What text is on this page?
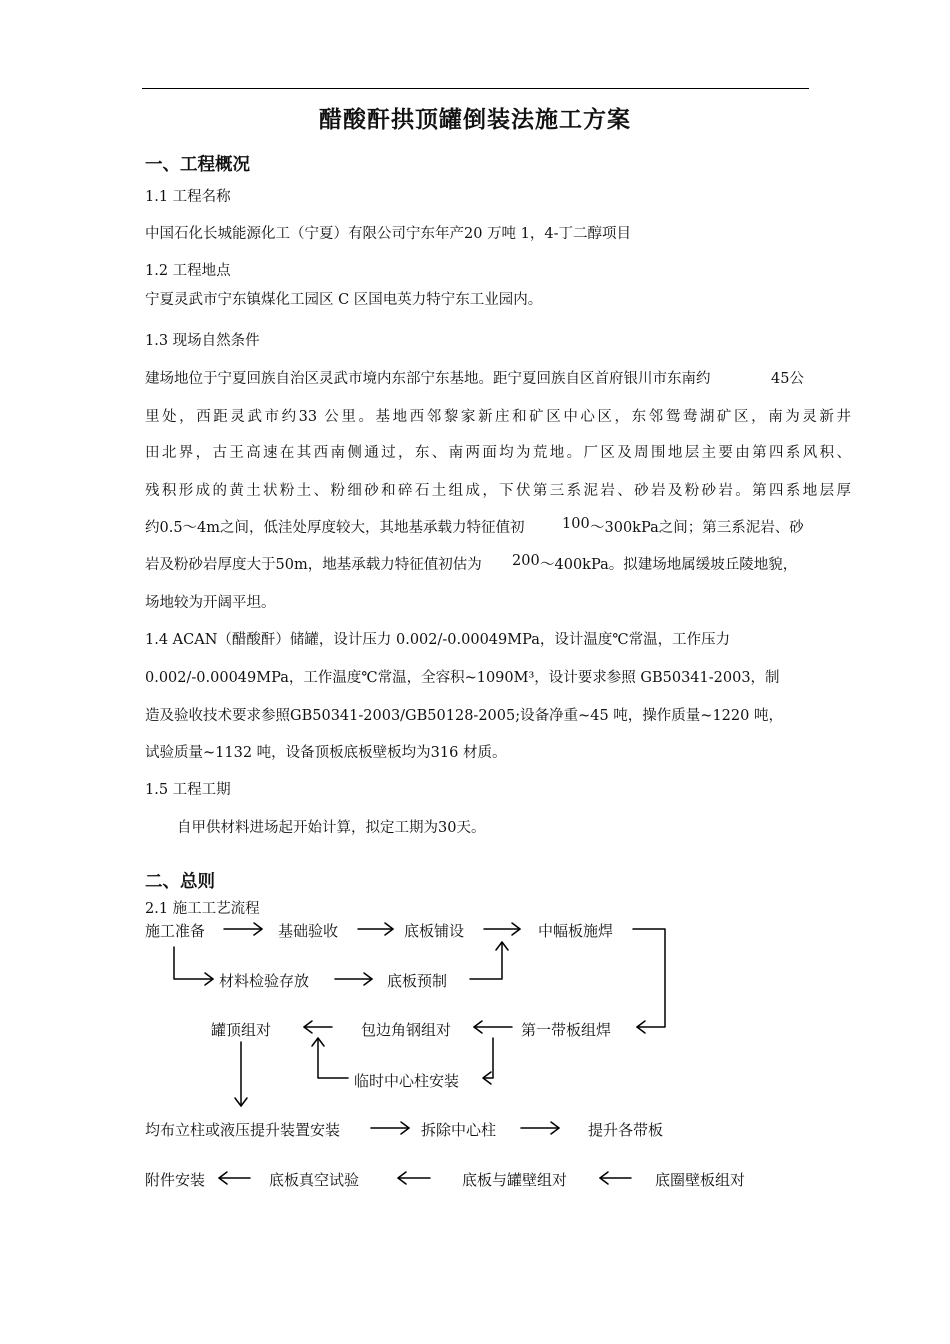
醋酸酐拱顶罐倒装法施工方案
一、工程概况
1.1 工程名称
中国石化长城能源化工（宁夏）有限公司宁东年产20 万吨 1，4-丁二醇项目
1.2 工程地点
宁夏灵武市宁东镇煤化工园区 C 区国电英力特宁东工业园内。
1.3 现场自然条件
建场地位于宁夏回族自治区灵武市境内东部宁东基地。距宁夏回族自区首府银川市东南约	45公
里处，西距灵武市约33 公里。基地西邻黎家新庄和矿区中心区，东邻鸳鸯湖矿区，南为灵新井
田北界，古王高速在其西南侧通过，东、南两面均为荒地。厂区及周围地层主要由第四系风积、
残积形成的黄土状粉土、粉细砂和碎石土组成，下伏第三系泥岩、砂岩及粉砂岩。第四系地层厚
约0.5～4m之间，低洼处厚度较大，其地基承载力特征值初	100 ～300kPa之间；第三系泥岩、砂
岩及粉砂岩厚度大于50m，地基承载力特征值初估为 200 ～400kPa。拟建场地属缓坡丘陵地貌，
场地较为开阔平坦。
1.4 ACAN（醋酸酐）储罐，设计压力 0.002/-0.00049MPa，设计温度℃常温，工作压力
0.002/-0.00049MPa，工作温度℃常温，全容积~1090M³，设计要求参照 GB50341-2003，制
造及验收技术要求参照GB50341-2003/GB50128-2005;设备净重~45 吨，操作质量~1220 吨，
试验质量~1132 吨，设备顶板底板壁板均为316 材质。
1.5 工程工期
自甲供材料进场起开始计算，拟定工期为30天。
二、总则
2.1 施工工艺流程
施工准备	基础验收	底板铺设	中幅板施焊
材料检验存放	底板预制
罐顶组对	包边角钢组对	第一带板组焊
临时中心柱安装
均布立柱或液压提升装置安装	拆除中心柱	提升各带板
附件安装	底板真空试验	底板与罐壁组对	底圈壁板组对
